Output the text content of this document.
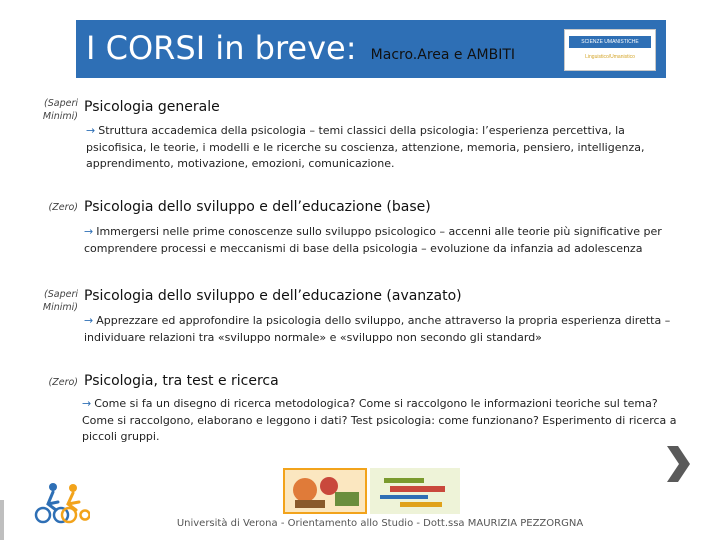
I CORSI in breve: Macro.Area e AMBITI
SCIENZE UMANISTICHE
Linguistico/Umanistico
(Saperi
Minimi)
Psicologia generale
→ Struttura accademica della psicologia – temi classici della psicologia: l’esperienza percettiva, la psicofisica, le teorie, i modelli e le ricerche su coscienza, attenzione, memoria, pensiero, intelligenza, apprendimento, motivazione, emozioni, comunicazione.
(Zero) Psicologia dello sviluppo e dell’educazione (base)
→ Immergersi nelle prime conoscenze sullo sviluppo psicologico – accenni alle teorie più significative per comprendere processi e meccanismi di base della psicologia – evoluzione da infanzia ad adolescenza
(Saperi
Minimi)
Psicologia dello sviluppo e dell’educazione (avanzato)
→ Apprezzare ed approfondire la psicologia dello sviluppo, anche attraverso la propria esperienza diretta – individuare relazioni tra «sviluppo normale» e «sviluppo non secondo gli standard»
(Zero) Psicologia, tra test e ricerca
→ Come si fa un disegno di ricerca metodologica? Come si raccolgono le informazioni teoriche sul tema? Come si raccolgono, elaborano e leggono i dati? Test psicologia: come funzionano? Esperimento di ricerca a piccoli gruppi.
Università di Verona - Orientamento allo Studio - Dott.ssa MAURIZIA PEZZORGNA
